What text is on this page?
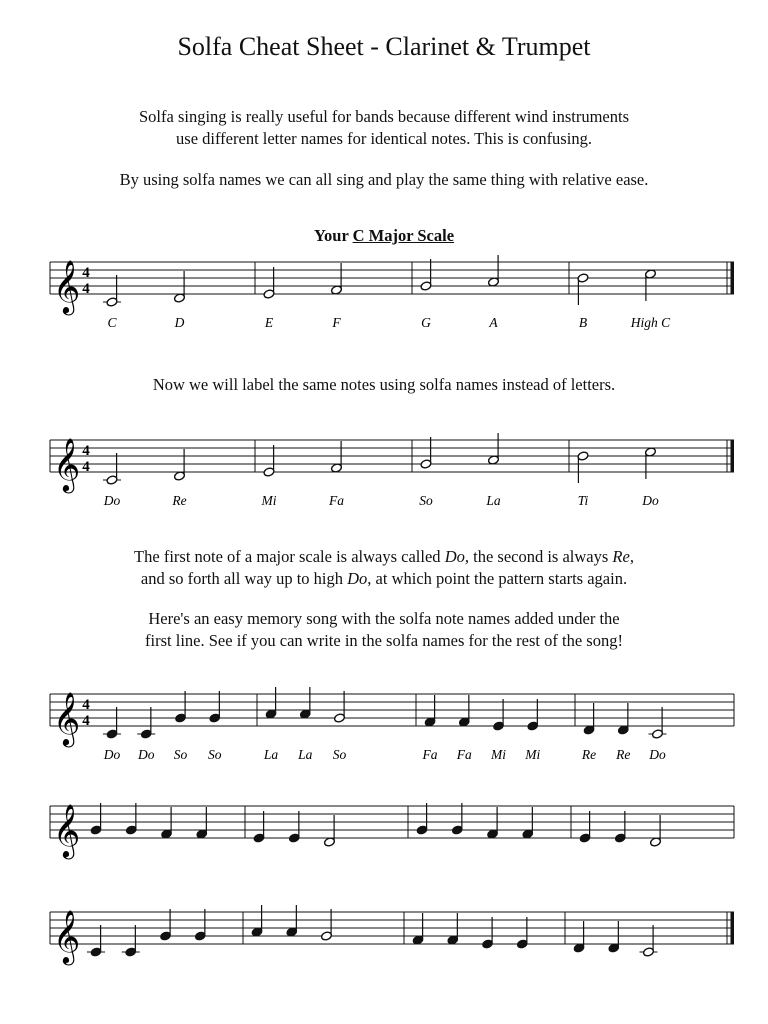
Solfa Cheat Sheet - Clarinet & Trumpet
Solfa singing is really useful for bands because different wind instruments
use different letter names for identical notes. This is confusing.
By using solfa names we can all sing and play the same thing with relative ease.
Your C Major Scale
𝄞 4
4
C	D	E	F	G	A	B	High C
Now we will label the same notes using solfa names instead of letters.
𝄞 4
4
Do	Re	Mi	Fa	So	La	Ti	Do
The first note of a major scale is always called Do, the second is always Re,
and so forth all way up to high Do, at which point the pattern starts again.
Here's an easy memory song with the solfa note names added under the
first line. See if you can write in the solfa names for the rest of the song!
𝄞 4
4
Do Do So So	La La So	Fa Fa Mi Mi	Re Re Do
𝄞
𝄞
